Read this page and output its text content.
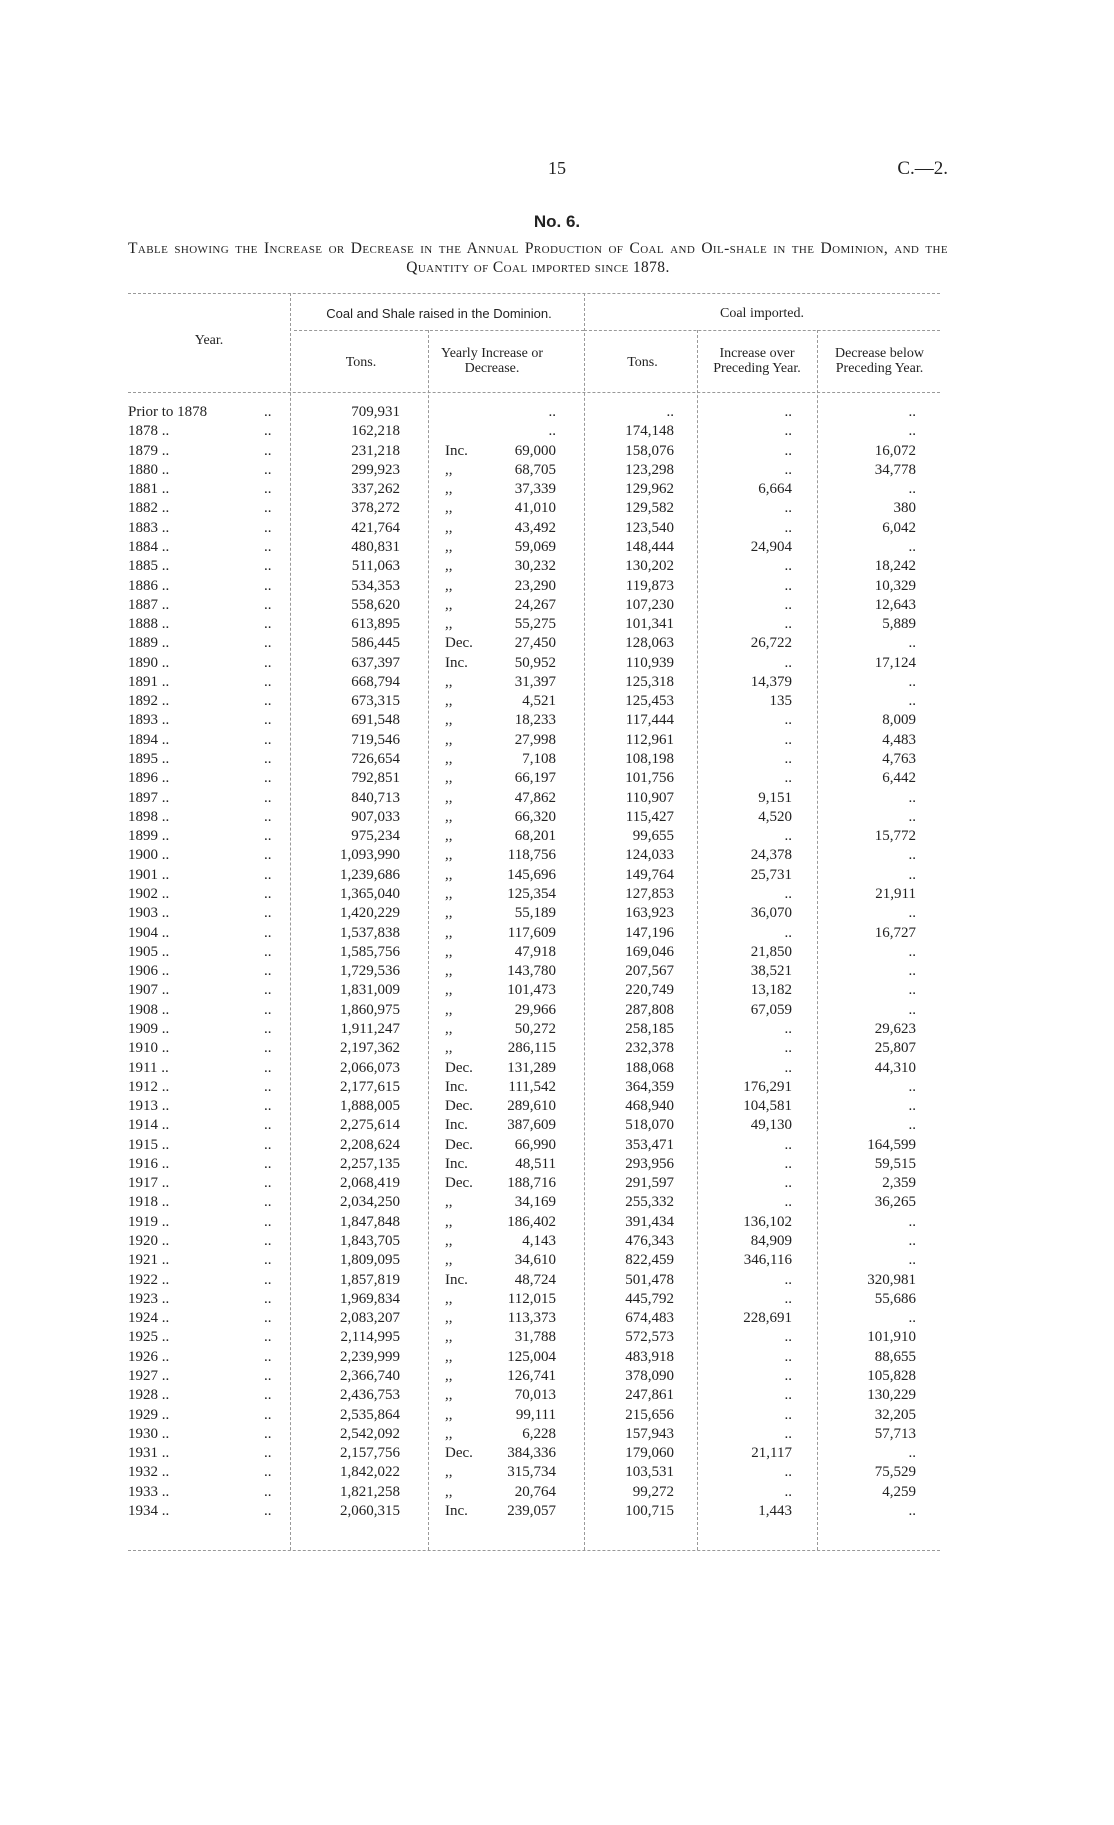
15	C.—2.
No. 6.
Table showing the Increase or Decrease in the Annual Production of Coal and Oil-shale in the Dominion, and the Quantity of Coal imported since 1878.
Year.
Coal and Shale raised in the Dominion.	Coal imported.
Tons.
Yearly Increase or Decrease.	Tons.
Increase over Preceding Year.
Decrease below Preceding Year.
Prior to 1878	..	709,931	..	..	..	..
1878 ..	..	162,218	..	174,148	..	..
1879 ..	..	231,218	Inc.	69,000	158,076	..	16,072
1880 ..	..	299,923	,,	68,705	123,298	..	34,778
1881 ..	..	337,262	,,	37,339	129,962	6,664	..
1882 ..	..	378,272	,,	41,010	129,582	..	380
1883 ..	..	421,764	,,	43,492	123,540	..	6,042
1884 ..	..	480,831	,,	59,069	148,444	24,904	..
1885 ..	..	511,063	,,	30,232	130,202	..	18,242
1886 ..	..	534,353	,,	23,290	119,873	..	10,329
1887 ..	..	558,620	,,	24,267	107,230	..	12,643
1888 ..	..	613,895	,,	55,275	101,341	..	5,889
1889 ..	..	586,445	Dec.	27,450	128,063	26,722	..
1890 ..	..	637,397	Inc.	50,952	110,939	..	17,124
1891 ..	..	668,794	,,	31,397	125,318	14,379	..
1892 ..	..	673,315	,,	4,521	125,453	135	..
1893 ..	..	691,548	,,	18,233	117,444	..	8,009
1894 ..	..	719,546	,,	27,998	112,961	..	4,483
1895 ..	..	726,654	,,	7,108	108,198	..	4,763
1896 ..	..	792,851	,,	66,197	101,756	..	6,442
1897 ..	..	840,713	,,	47,862	110,907	9,151	..
1898 ..	..	907,033	,,	66,320	115,427	4,520	..
1899 ..	..	975,234	,,	68,201	99,655	..	15,772
1900 ..	..	1,093,990	,,	118,756	124,033	24,378	..
1901 ..	..	1,239,686	,,	145,696	149,764	25,731	..
1902 ..	..	1,365,040	,,	125,354	127,853	..	21,911
1903 ..	..	1,420,229	,,	55,189	163,923	36,070	..
1904 ..	..	1,537,838	,,	117,609	147,196	..	16,727
1905 ..	..	1,585,756	,,	47,918	169,046	21,850	..
1906 ..	..	1,729,536	,,	143,780	207,567	38,521	..
1907 ..	..	1,831,009	,,	101,473	220,749	13,182	..
1908 ..	..	1,860,975	,,	29,966	287,808	67,059	..
1909 ..	..	1,911,247	,,	50,272	258,185	..	29,623
1910 ..	..	2,197,362	,,	286,115	232,378	..	25,807
1911 ..	..	2,066,073	Dec. 131,289	188,068	..	44,310
1912 ..	..	2,177,615	Inc.	111,542	364,359	176,291	..
1913 ..	..	1,888,005	Dec. 289,610	468,940	104,581	..
1914 ..	..	2,275,614	Inc.	387,609	518,070	49,130	..
1915 ..	..	2,208,624	Dec.	66,990	353,471	..	164,599
1916 ..	..	2,257,135	Inc.	48,511	293,956	..	59,515
1917 ..	..	2,068,419	Dec. 188,716	291,597	..	2,359
1918 ..	..	2,034,250	,,	34,169	255,332	..	36,265
1919 ..	..	1,847,848	,,	186,402	391,434	136,102	..
1920 ..	..	1,843,705	,,	4,143	476,343	84,909	..
1921 ..	..	1,809,095	,,	34,610	822,459	346,116	..
1922 ..	..	1,857,819	Inc.	48,724	501,478	..	320,981
1923 ..	..	1,969,834	,,	112,015	445,792	..	55,686
1924 ..	..	2,083,207	,,	113,373	674,483	228,691	..
1925 ..	..	2,114,995	,,	31,788	572,573	..	101,910
1926 ..	..	2,239,999	,,	125,004	483,918	..	88,655
1927 ..	..	2,366,740	,,	126,741	378,090	..	105,828
1928 ..	..	2,436,753	,,	70,013	247,861	..	130,229
1929 ..	..	2,535,864	,,	99,111	215,656	..	32,205
1930 ..	..	2,542,092	,,	6,228	157,943	..	57,713
1931 ..	..	2,157,756	Dec. 384,336	179,060	21,117	..
1932 ..	..	1,842,022	,,	315,734	103,531	..	75,529
1933 ..	..	1,821,258	,,	20,764	99,272	..	4,259
1934 ..	..	2,060,315	Inc.	239,057	100,715	1,443	..
